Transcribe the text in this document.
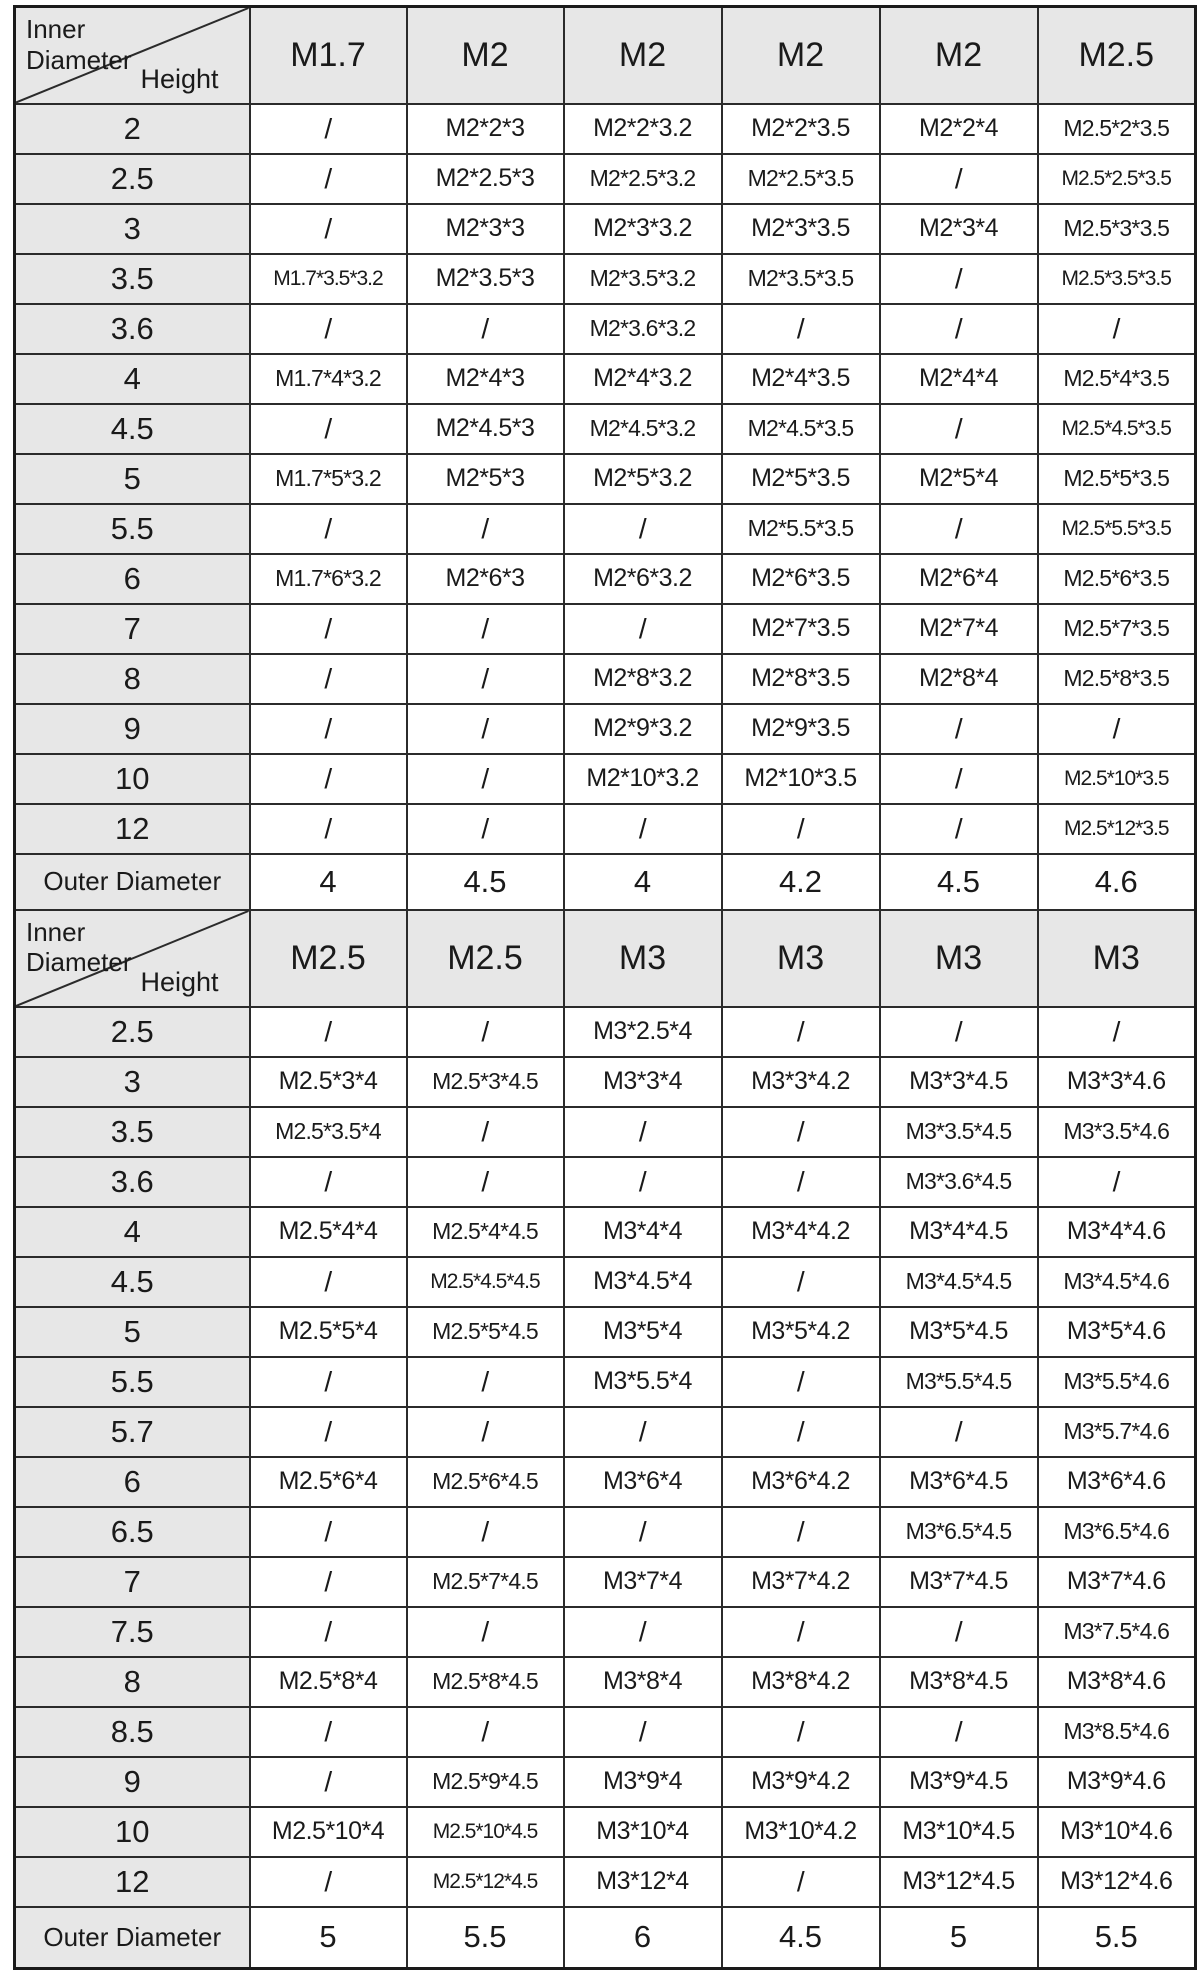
Inner Diameter
Height	M1.7	M2	M2	M2	M2	M2.5
2	/	M2*2*3	M2*2*3.2	M2*2*3.5	M2*2*4	M2.5*2*3.5
2.5	/	M2*2.5*3	M2*2.5*3.2	M2*2.5*3.5	/	M2.5*2.5*3.5
3	/	M2*3*3	M2*3*3.2	M2*3*3.5	M2*3*4	M2.5*3*3.5
3.5	M1.7*3.5*3.2	M2*3.5*3	M2*3.5*3.2	M2*3.5*3.5	/	M2.5*3.5*3.5
3.6	/	/	M2*3.6*3.2	/	/	/
4	M1.7*4*3.2	M2*4*3	M2*4*3.2	M2*4*3.5	M2*4*4	M2.5*4*3.5
4.5	/	M2*4.5*3	M2*4.5*3.2	M2*4.5*3.5	/	M2.5*4.5*3.5
5	M1.7*5*3.2	M2*5*3	M2*5*3.2	M2*5*3.5	M2*5*4	M2.5*5*3.5
5.5	/	/	/	M2*5.5*3.5	/	M2.5*5.5*3.5
6	M1.7*6*3.2	M2*6*3	M2*6*3.2	M2*6*3.5	M2*6*4	M2.5*6*3.5
7	/	/	/	M2*7*3.5	M2*7*4	M2.5*7*3.5
8	/	/	M2*8*3.2	M2*8*3.5	M2*8*4	M2.5*8*3.5
9	/	/	M2*9*3.2	M2*9*3.5	/	/
10	/	/	M2*10*3.2	M2*10*3.5	/	M2.5*10*3.5
12	/	/	/	/	/	M2.5*12*3.5
Outer Diameter	4	4.5	4	4.2	4.5	4.6

Inner Diameter
Height	M2.5	M2.5	M3	M3	M3	M3
2.5	/	/	M3*2.5*4	/	/	/
3	M2.5*3*4	M2.5*3*4.5	M3*3*4	M3*3*4.2	M3*3*4.5	M3*3*4.6
3.5	M2.5*3.5*4	/	/	/	M3*3.5*4.5	M3*3.5*4.6
3.6	/	/	/	/	M3*3.6*4.5	/
4	M2.5*4*4	M2.5*4*4.5	M3*4*4	M3*4*4.2	M3*4*4.5	M3*4*4.6
4.5	/	M2.5*4.5*4.5	M3*4.5*4	/	M3*4.5*4.5	M3*4.5*4.6
5	M2.5*5*4	M2.5*5*4.5	M3*5*4	M3*5*4.2	M3*5*4.5	M3*5*4.6
5.5	/	/	M3*5.5*4	/	M3*5.5*4.5	M3*5.5*4.6
5.7	/	/	/	/	/	M3*5.7*4.6
6	M2.5*6*4	M2.5*6*4.5	M3*6*4	M3*6*4.2	M3*6*4.5	M3*6*4.6
6.5	/	/	/	/	M3*6.5*4.5	M3*6.5*4.6
7	/	M2.5*7*4.5	M3*7*4	M3*7*4.2	M3*7*4.5	M3*7*4.6
7.5	/	/	/	/	/	M3*7.5*4.6
8	M2.5*8*4	M2.5*8*4.5	M3*8*4	M3*8*4.2	M3*8*4.5	M3*8*4.6
8.5	/	/	/	/	/	M3*8.5*4.6
9	/	M2.5*9*4.5	M3*9*4	M3*9*4.2	M3*9*4.5	M3*9*4.6
10	M2.5*10*4	M2.5*10*4.5	M3*10*4	M3*10*4.2	M3*10*4.5	M3*10*4.6
12	/	M2.5*12*4.5	M3*12*4	/	M3*12*4.5	M3*12*4.6
Outer Diameter	5	5.5	6	4.5	5	5.5
